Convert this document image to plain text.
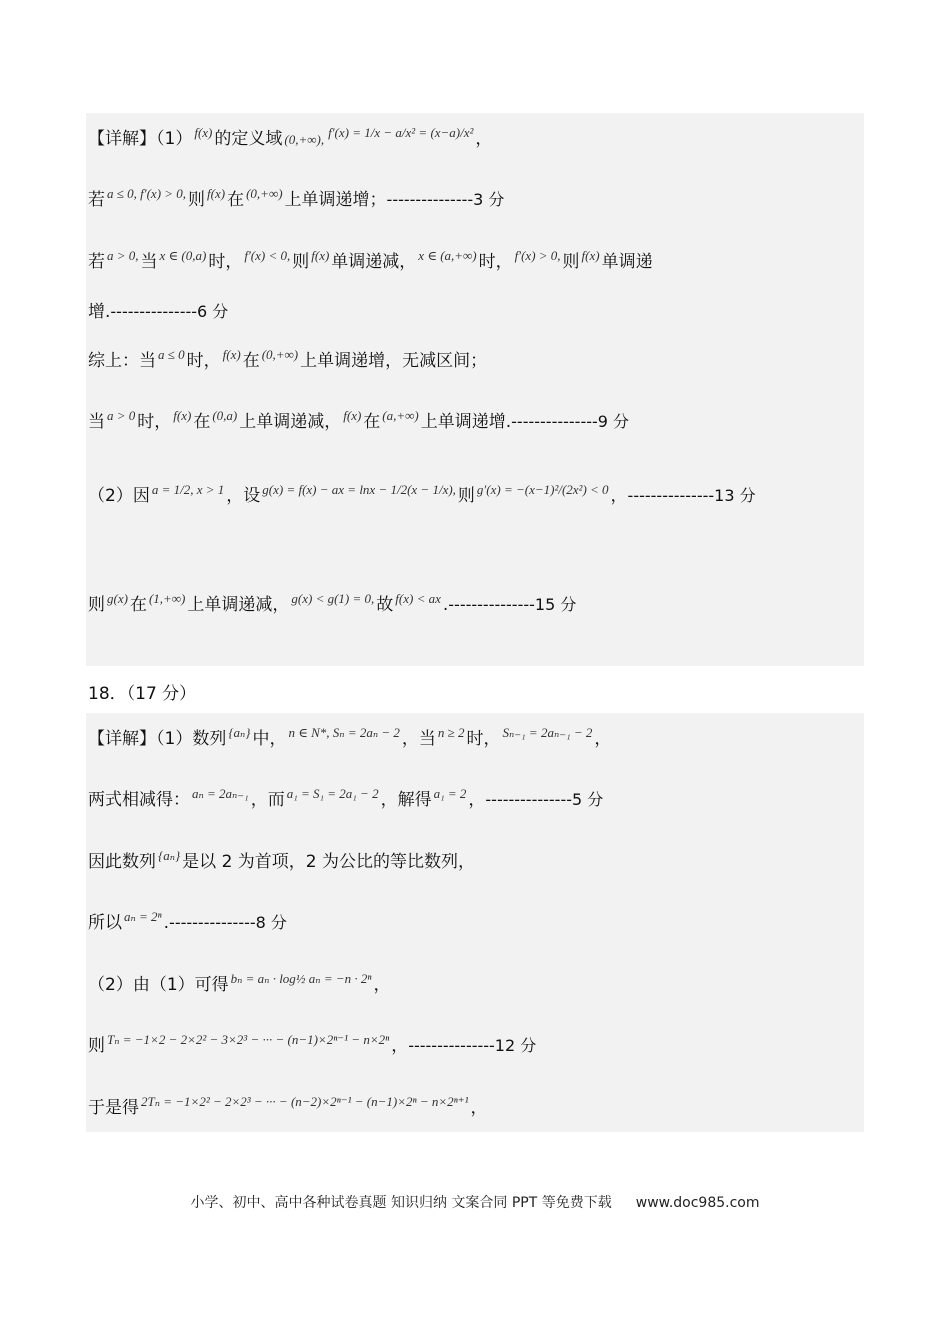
【详解】（1） $^{f(x)}$ 的定义域 (0,+∞), $^{f'(x) = 1/x - a/x^2 = (x-a)/x^2}$ ，
若 $^{a \le 0, f'(x) > 0,}$ 则 $^{f(x)}$ 在 $^{(0,+\infty)}$ 上单调递增；---------------3 分
若 $^{a > 0,}$ 当 $^{x \in (0,a)}$ 时， $^{f'(x) < 0,}$ 则 $^{f(x)}$ 单调递减， $^{x \in (a,+\infty)}$ 时， $^{f'(x) > 0,}$ 则 $^{f(x)}$ 单调递
增.---------------6 分
综上：当 $^{a \le 0}$ 时， $^{f(x)}$ 在 $^{(0,+\infty)}$ 上单调递增，无减区间；
当 $^{a > 0}$ 时， $^{f(x)}$ 在 $^{(0,a)}$ 上单调递减， $^{f(x)}$ 在 $^{(a,+\infty)}$ 上单调递增.---------------9 分
（2）因 $^{a = 1/2, x > 1}$ ，设 $^{g(x) = f(x) - ax = lnx - 1/2(x - 1/x),}$ 则 $^{g'(x) = -(x-1)^2/(2x^2) < 0}$ ，---------------13 分
则 $^{g(x)}$ 在 $^{(1,+\infty)}$ 上单调递减， $^{g(x) < g(1) = 0,}$ 故 $^{f(x) < ax}$ .---------------15 分
18．（17 分）
【详解】（1）数列 $^{\{a_n\}}$ 中， $^{n \in N*, S_n = 2a_n - 2}$ ，当 $^{n \ge 2}$ 时， $^{S_{n-1} = 2a_{n-1} - 2}$ ，
两式相减得： $^{a_n = 2a_{n-1}}$ ，而 $^{a_1 = S_1 = 2a_1 - 2}$ ，解得 $^{a_1 = 2}$ ，---------------5 分
因此数列 $^{\{a_n\}}$ 是以 2 为首项，2 为公比的等比数列，
所以 $^{a_n = 2^n}$ .---------------8 分
（2）由（1）可得 $^{b_n = a_n \cdot log\frac{1}{2} a_n = -n \cdot 2^n}$ ，
则 $^{T_n = -1\times 2 - 2\times 2^2 - 3\times 2^3 - \cdot\cdot\cdot - (n-1)\times 2^{n-1} - n\times 2^n}$ ，---------------12 分
于是得 $^{2T_n = -1\times 2^2 - 2\times 2^3 - \cdot\cdot\cdot - (n-2)\times 2^{n-1} - (n-1)\times 2^n - n\times 2^{n+1}}$ ，
小学、初中、高中各种试卷真题 知识归纳 文案合同 PPT 等免费下载 www.doc985.com
